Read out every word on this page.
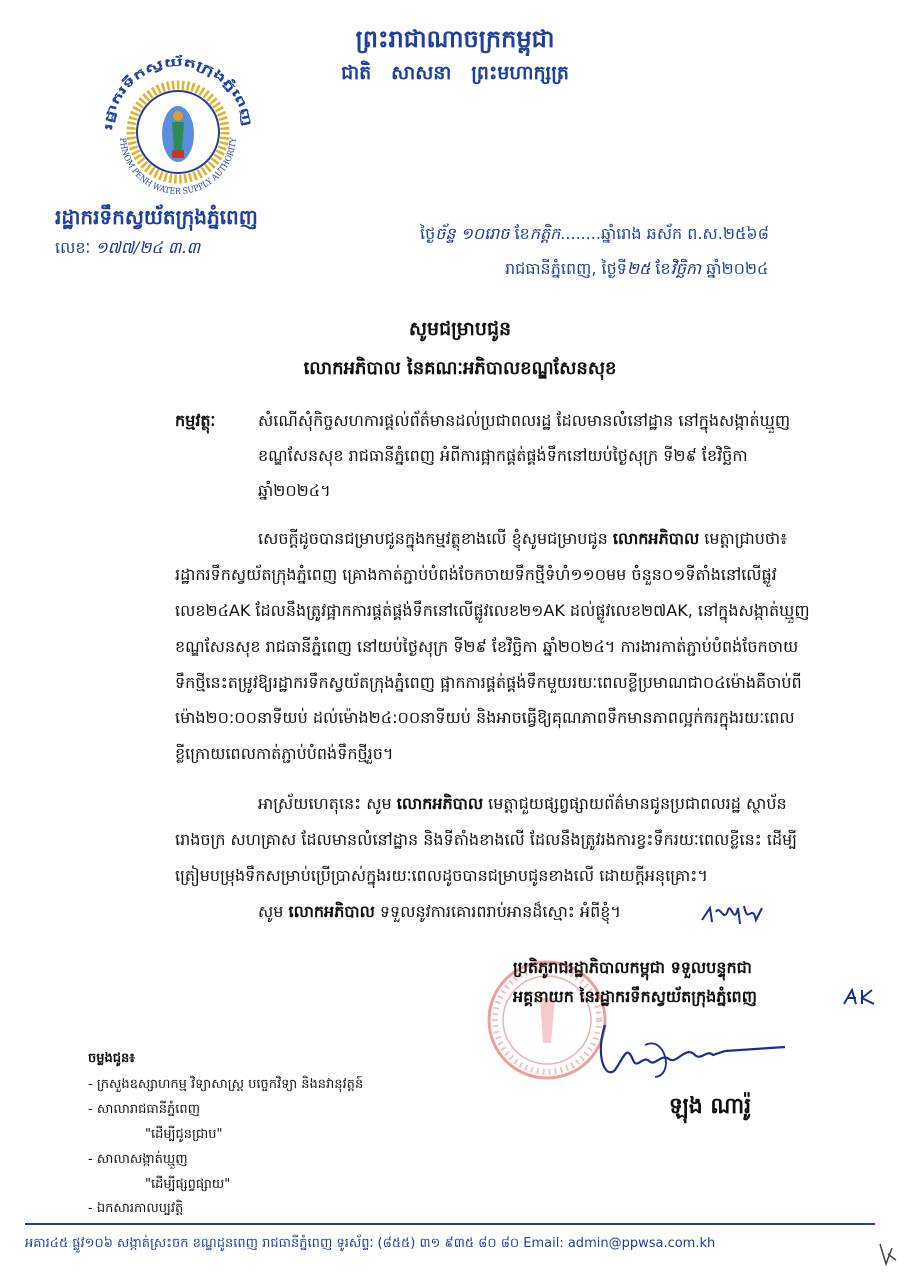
ព្រះរាជាណាចក្រកម្ពុជា
ជាតិ   សាសនា   ព្រះមហាក្សត្រ
រដ្ឋាករទឹកស្វយ័តក្រុងភ្នំពេញ
PHNOM PENH WATER SUPPLY AUTHORITY
រដ្ឋាករទឹកស្វយ័តក្រុងភ្នំពេញ
លេខៈ ១៧៧/២៤ ៣.៣
ថ្ងៃច័ន្ទ ១០រោច ខែកត្តិក........ឆ្នាំរោង ឆស័ក ព.ស.២៥៦៨
រាជធានីភ្នំពេញ, ថ្ងៃទី២៥ ខែវិច្ឆិកា ឆ្នាំ២០២៤
សូមជម្រាបជូន
លោកអភិបាល នៃគណៈអភិបាលខណ្ឌសែនសុខ
កម្មវត្ថុៈ	សំណើសុំកិច្ចសហការផ្ដល់ព័ត៌មានដល់ប្រជាពលរដ្ឋ ដែលមានលំនៅដ្ឋាន នៅក្នុងសង្កាត់ឃ្មួញ
ខណ្ឌសែនសុខ រាជធានីភ្នំពេញ អំពីការផ្អាកផ្គត់ផ្គង់ទឹកនៅយប់ថ្ងៃសុក្រ ទី២៩ ខែវិច្ឆិកា
ឆ្នាំ២០២៤។
សេចក្តីដូចបានជម្រាបជូនក្នុងកម្មវត្ថុខាងលើ ខ្ញុំសូមជម្រាបជូន លោកអភិបាល មេត្តាជ្រាបថា៖
រដ្ឋាករទឹកស្វយ័តក្រុងភ្នំពេញ គ្រោងកាត់ភ្ជាប់បំពង់ចែកចាយទឹកថ្មីទំហំ១១០មម ចំនួន០១ទីតាំងនៅលើផ្លូវ
លេខ២៤AK ដែលនឹងត្រូវផ្អាកការផ្គត់ផ្គង់ទឹកនៅលើផ្លូវលេខ២១AK ដល់ផ្លូវលេខ២៧AK, នៅក្នុងសង្កាត់ឃ្មួញ
ខណ្ឌសែនសុខ រាជធានីភ្នំពេញ នៅយប់ថ្ងៃសុក្រ ទី២៩ ខែវិច្ឆិកា ឆ្នាំ២០២៤។ ការងារកាត់ភ្ជាប់បំពង់ចែកចាយ
ទឹកថ្មីនេះតម្រូវឱ្យរដ្ឋាករទឹកស្វយ័តក្រុងភ្នំពេញ ផ្អាកការផ្គត់ផ្គង់ទឹកមួយរយៈពេលខ្លីប្រមាណជា០៤ម៉ោងគឺចាប់ពី
ម៉ោង២០:០០នាទីយប់ ដល់ម៉ោង២៤:០០នាទីយប់ និងអាចធ្វើឱ្យគុណភាពទឹកមានភាពល្អក់ករក្នុងរយៈពេល
ខ្លីក្រោយពេលកាត់ភ្ជាប់បំពង់ទឹកថ្មីរួច។
អាស្រ័យហេតុនេះ សូម លោកអភិបាល មេត្តាជួយផ្សព្វផ្សាយព័ត៌មានជូនប្រជាពលរដ្ឋ ស្ថាប័ន
រោងចក្រ សហគ្រាស ដែលមានលំនៅដ្ឋាន និងទីតាំងខាងលើ ដែលនឹងត្រូវរងការខ្វះទឹករយៈពេលខ្លីនេះ ដើម្បី
ត្រៀមបម្រុងទឹកសម្រាប់ប្រើប្រាស់ក្នុងរយៈពេលដូចបានជម្រាបជូនខាងលើ ដោយក្តីអនុគ្រោះ។
សូម លោកអភិបាល ទទួលនូវការគោរពរាប់អានដ៏ស្មោះ អំពីខ្ញុំ។
ប្រតិភូរាជរដ្ឋាភិបាលកម្ពុជា ទទួលបន្ទុកជា
អគ្គនាយក នៃរដ្ឋាករទឹកស្វយ័តក្រុងភ្នំពេញ
ឡុង ណារ៉ូ
ចម្លងជូន៖
- ក្រសួងឧស្សាហកម្ម វិទ្យាសាស្ត្រ បច្ចេកវិទ្យា និងនវានុវត្តន៍
- សាលារាជធានីភ្នំពេញ
"ដើម្បីជូនជ្រាប"
- សាលាសង្កាត់ឃ្មួញ
"ដើម្បីផ្សព្វផ្សាយ"
- ឯកសារកាលប្បវត្តិ
អគារ៤៥ ផ្លូវ១០៦ សង្កាត់ស្រះចក ខណ្ឌដូនពេញ រាជធានីភ្នំពេញ ទូរស័ព្ទៈ (៨៥៥) ៣១ ៩៣៥ ៨០ ៨០ Email: admin@ppwsa.com.kh
